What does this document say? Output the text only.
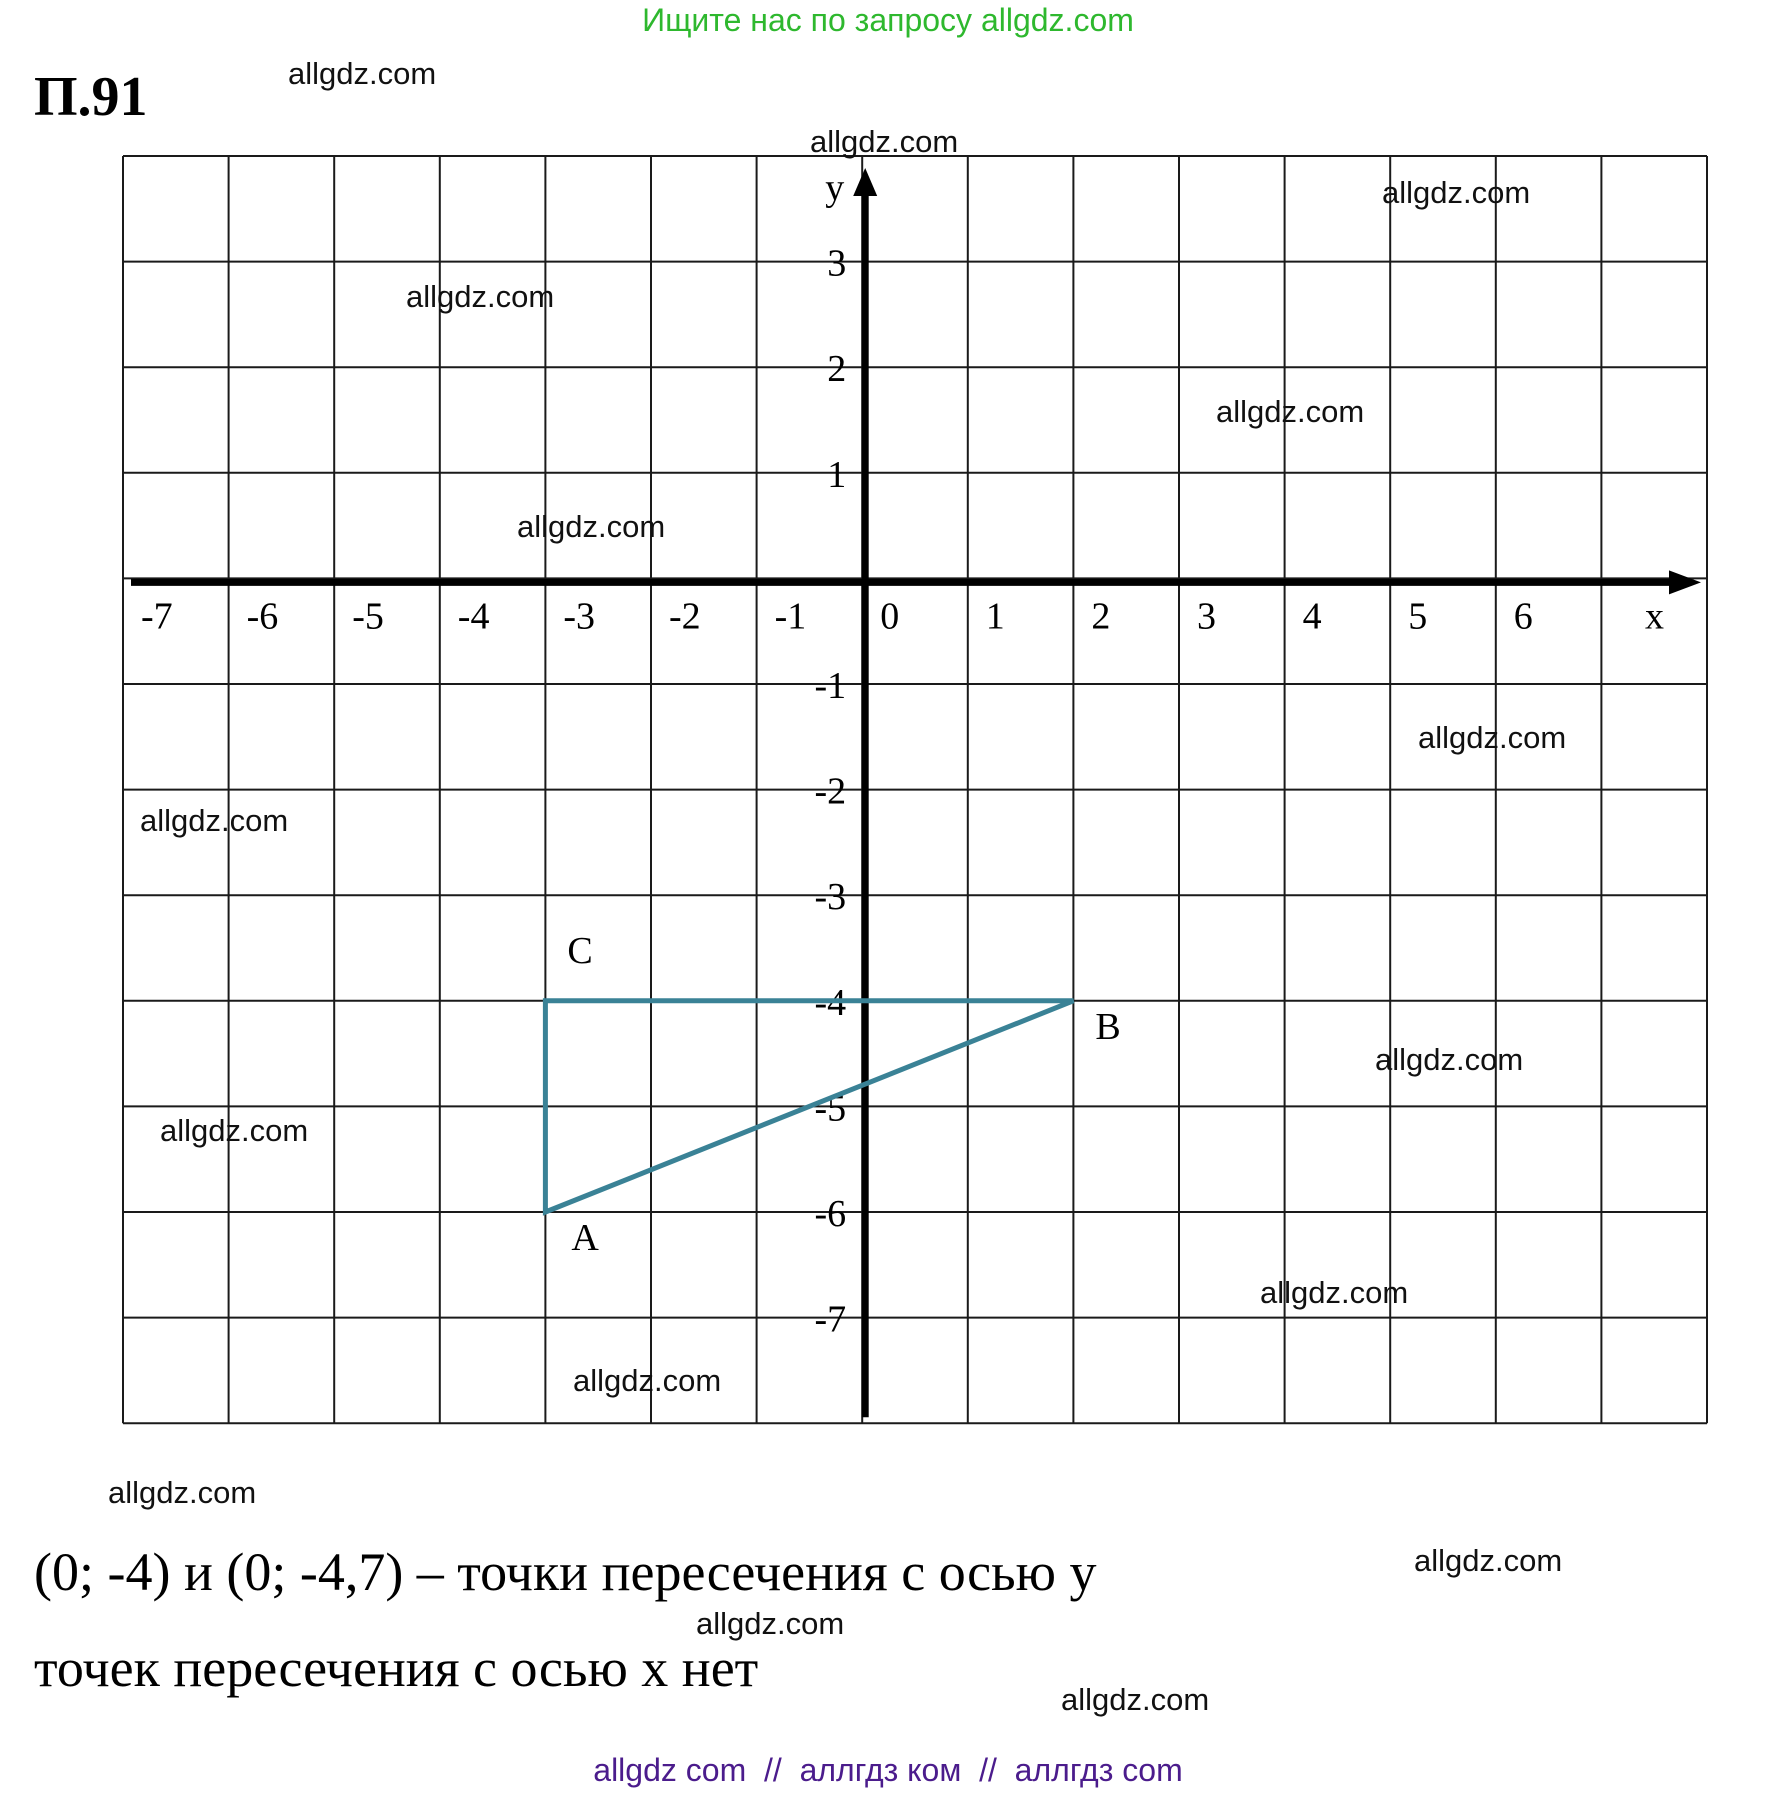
Ищите нас по запросу allgdz.com
П.91
-7 -6 -5 -4 -3 -2 -1 0 1 2 3 4 5 6
3
2
1
-1
-2
-3
-4
-5
-6
-7
x
y
A
B
C
allgdz.com
allgdz.com
allgdz.com
allgdz.com
allgdz.com
allgdz.com
allgdz.com
allgdz.com
allgdz.com
allgdz.com
allgdz.com
allgdz.com
allgdz.com
allgdz.com
allgdz.com
allgdz.com
(0; -4) и (0; -4,7) – точки пересечения с осью у
точек пересечения с осью х нет
allgdz com  //  аллгдз ком  //  аллгдз com
